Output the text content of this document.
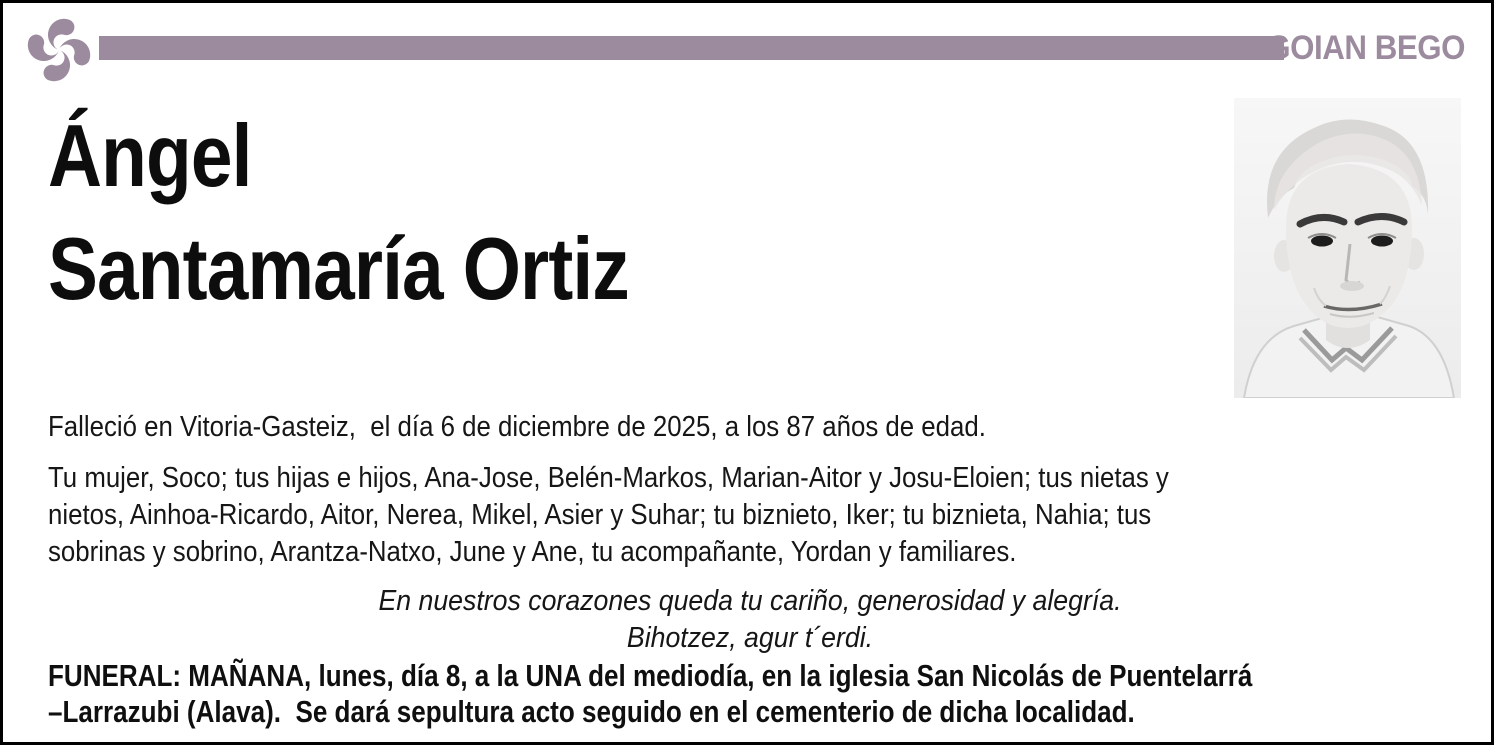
GOIAN BEGO
Ángel
Santamaría Ortiz
Falleció en Vitoria-Gasteiz,  el día 6 de diciembre de 2025, a los 87 años de edad.
Tu mujer, Soco; tus hijas e hijos, Ana-Jose, Belén-Markos, Marian-Aitor y Josu-Eloien; tus nietas y
nietos, Ainhoa-Ricardo, Aitor, Nerea, Mikel, Asier y Suhar; tu biznieto, Iker; tu biznieta, Nahia; tus
sobrinas y sobrino, Arantza-Natxo, June y Ane, tu acompañante, Yordan y familiares.
En nuestros corazones queda tu cariño, generosidad y alegría.
Bihotzez, agur t´erdi.
FUNERAL: MAÑANA, lunes, día 8, a la UNA del mediodía, en la iglesia San Nicolás de Puentelarrá
–Larrazubi (Alava).  Se dará sepultura acto seguido en el cementerio de dicha localidad.
